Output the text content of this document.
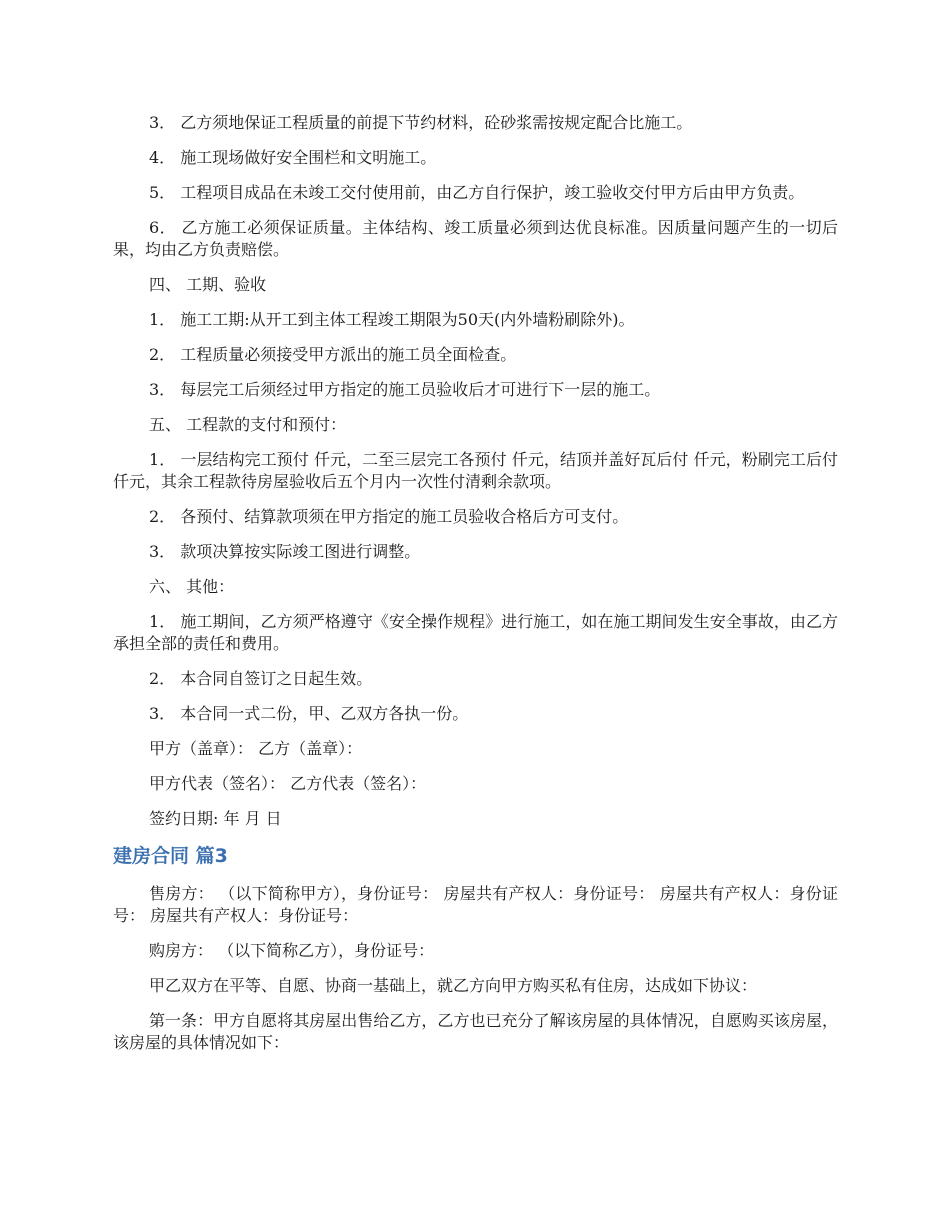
3． 乙方须地保证工程质量的前提下节约材料，砼砂浆需按规定配合比施工。

4． 施工现场做好安全围栏和文明施工。

5． 工程项目成品在未竣工交付使用前，由乙方自行保护，竣工验收交付甲方后由甲方负责。

6． 乙方施工必须保证质量。主体结构、竣工质量必须到达优良标准。因质量问题产生的一切后果，均由乙方负责赔偿。

四、 工期、验收

1． 施工工期:从开工到主体工程竣工期限为50天(内外墙粉刷除外)。

2． 工程质量必须接受甲方派出的施工员全面检查。

3． 每层完工后须经过甲方指定的施工员验收后才可进行下一层的施工。

五、 工程款的支付和预付：

1． 一层结构完工预付 仟元，二至三层完工各预付 仟元，结顶并盖好瓦后付 仟元，粉刷完工后付 仟元，其余工程款待房屋验收后五个月内一次性付清剩余款项。

2． 各预付、结算款项须在甲方指定的施工员验收合格后方可支付。

3． 款项决算按实际竣工图进行调整。

六、 其他：

1． 施工期间，乙方须严格遵守《安全操作规程》进行施工，如在施工期间发生安全事故，由乙方承担全部的责任和费用。

2． 本合同自签订之日起生效。

3． 本合同一式二份，甲、乙双方各执一份。

甲方（盖章）： 乙方（盖章）：

甲方代表（签名）： 乙方代表（签名）：

签约日期: 年 月 日

建房合同 篇3

售房方： （以下简称甲方），身份证号： 房屋共有产权人：身份证号： 房屋共有产权人：身份证号： 房屋共有产权人：身份证号：

购房方： （以下简称乙方），身份证号：

甲乙双方在平等、自愿、协商一基础上，就乙方向甲方购买私有住房，达成如下协议：

第一条：甲方自愿将其房屋出售给乙方，乙方也已充分了解该房屋的具体情况，自愿购买该房屋，该房屋的具体情况如下：
